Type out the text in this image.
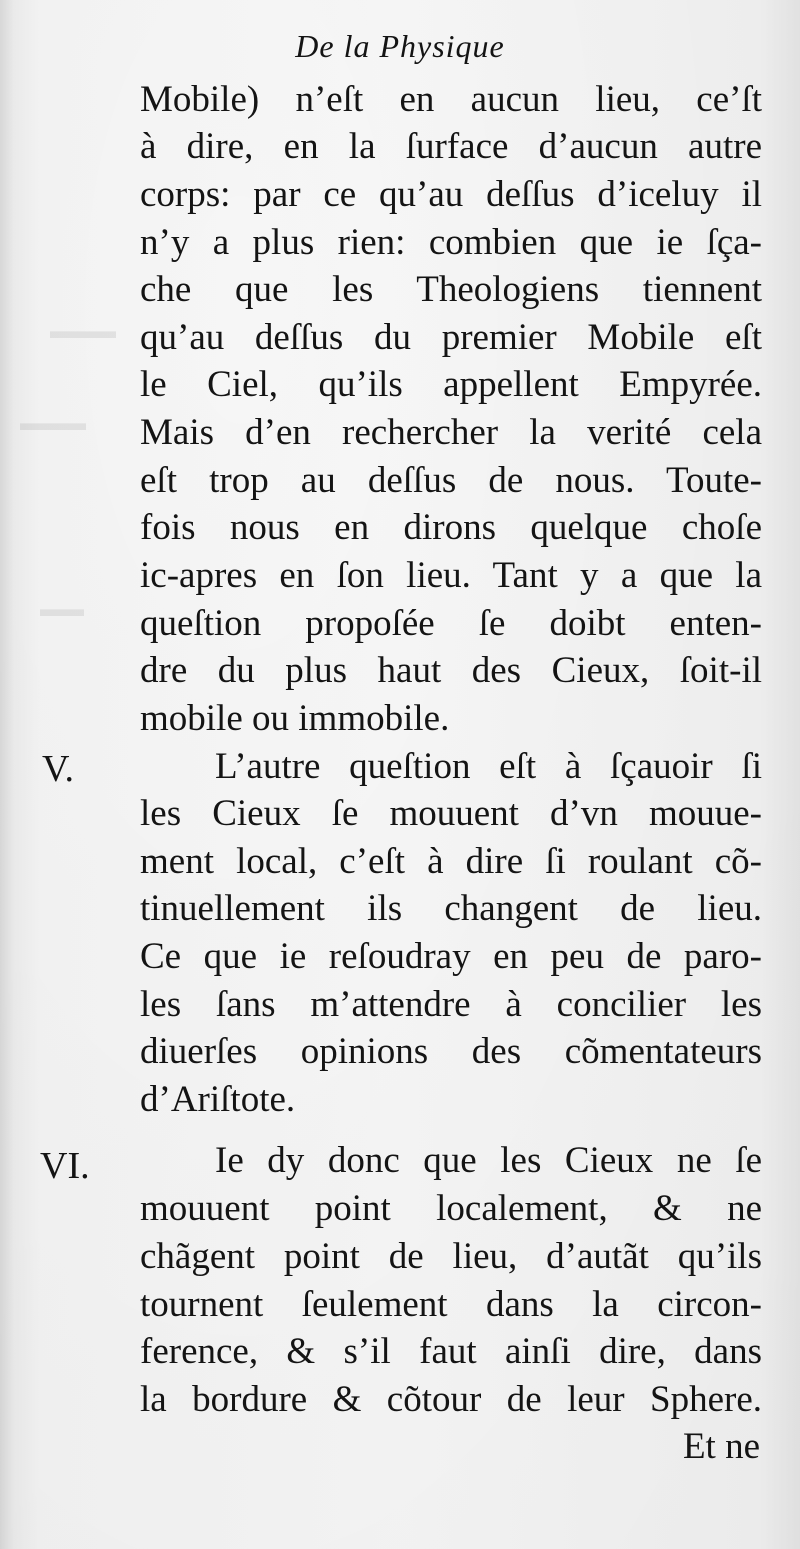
▬▬▬
▬▬▬
▬▬
De la Physique
V.
VI.
Mobile) n’eſt en aucun lieu, ce’ſt
à dire, en la ſurface d’aucun autre
corps: par ce qu’au deſſus d’iceluy il
n’y a plus rien: combien que ie ſça-
che que les Theologiens tiennent
qu’au deſſus du premier Mobile eſt
le Ciel, qu’ils appellent Empyrée.
Mais d’en rechercher la verité cela
eſt trop au deſſus de nous. Toute-
fois nous en dirons quelque choſe
ic-apres en ſon lieu. Tant y a que la
queſtion propoſée ſe doibt enten-
dre du plus haut des Cieux, ſoit-il
mobile ou immobile.
L’autre queſtion eſt à ſçauoir ſi
les Cieux ſe mouuent d’vn mouue-
ment local, c’eſt à dire ſi roulant cõ-
tinuellement ils changent de lieu.
Ce que ie reſoudray en peu de paro-
les ſans m’attendre à concilier les
diuerſes opinions des cõmentateurs
d’Ariſtote.
Ie dy donc que les Cieux ne ſe
mouuent point localement, & ne
chãgent point de lieu, d’autãt qu’ils
tournent ſeulement dans la circon-
ference, & s’il faut ainſi dire, dans
la bordure & cõtour de leur Sphere.
Et ne
